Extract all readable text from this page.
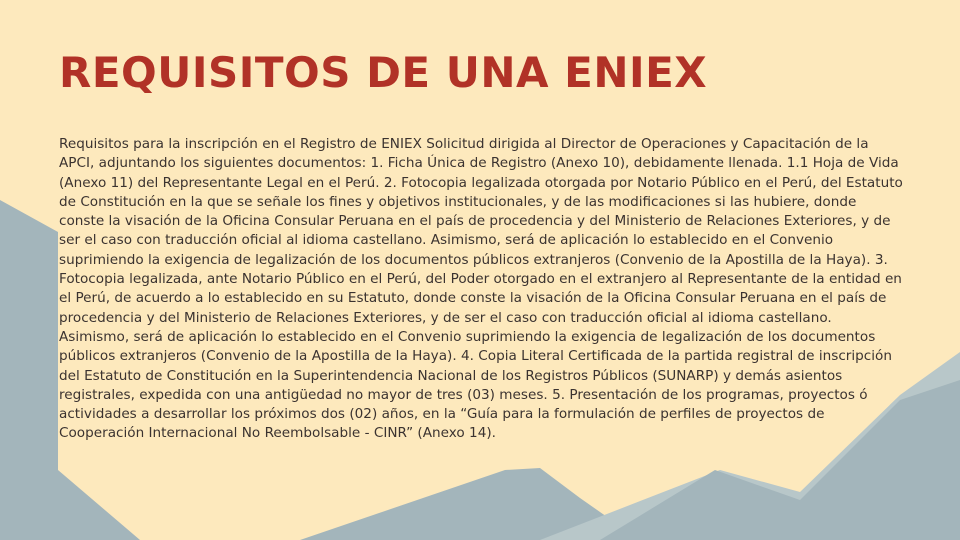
REQUISITOS DE UNA ENIEX

Requisitos para la inscripción en el Registro de ENIEX Solicitud dirigida al Director de Operaciones y Capacitación de la APCI, adjuntando los siguientes documentos: 1. Ficha Única de Registro (Anexo 10), debidamente llenada. 1.1 Hoja de Vida (Anexo 11) del Representante Legal en el Perú. 2. Fotocopia legalizada otorgada por Notario Público en el Perú, del Estatuto de Constitución en la que se señale los fines y objetivos institucionales, y de las modificaciones si las hubiere, donde conste la visación de la Oficina Consular Peruana en el país de procedencia y del Ministerio de Relaciones Exteriores, y de ser el caso con traducción oficial al idioma castellano. Asimismo, será de aplicación lo establecido en el Convenio suprimiendo la exigencia de legalización de los documentos públicos extranjeros (Convenio de la Apostilla de la Haya). 3. Fotocopia legalizada, ante Notario Público en el Perú, del Poder otorgado en el extranjero al Representante de la entidad en el Perú, de acuerdo a lo establecido en su Estatuto, donde conste la visación de la Oficina Consular Peruana en el país de procedencia y del Ministerio de Relaciones Exteriores, y de ser el caso con traducción oficial al idioma castellano. Asimismo, será de aplicación lo establecido en el Convenio suprimiendo la exigencia de legalización de los documentos públicos extranjeros (Convenio de la Apostilla de la Haya). 4. Copia Literal Certificada de la partida registral de inscripción del Estatuto de Constitución en la Superintendencia Nacional de los Registros Públicos (SUNARP) y demás asientos registrales, expedida con una antigüedad no mayor de tres (03) meses. 5. Presentación de los programas, proyectos ó actividades a desarrollar los próximos dos (02) años, en la “Guía para la formulación de perfiles de proyectos de Cooperación Internacional No Reembolsable - CINR” (Anexo 14).
